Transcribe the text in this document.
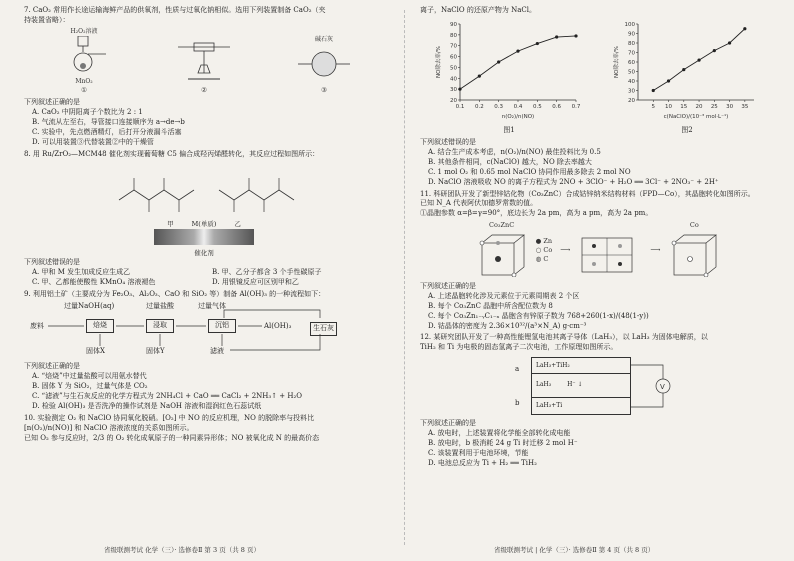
7. CaO₂ 常用作长途运输海鲜产品的供氧剂，性质与过氧化钠相似。选用下列装置制备 CaO₂（夹
持装置省略）：
H₂O₂溶液
MnO₂
①	②
碱石灰
③
下列叙述正确的是
A. CaO₂ 中阴阳离子个数比为 2 : 1
B. 气流从左至右，导管接口连接顺序为 a→de→b
C. 实验中，先点燃酒精灯，后打开分液漏斗活塞
D. 可以用装置③代替装置②中的干燥管
8. 用 Ru/ZrO₂—MCM48 催化剂实现葡萄糖 C5 偏合成羟丙烯醛转化，其反应过程如图所示：
甲	M(单质)	乙
催化剂
下列叙述错误的是
A. 甲和 M 发生加成反应生成乙	B. 甲、乙分子都含 3 个手性碳原子
C. 甲、乙都能使酸性 KMnO₄ 溶液褪色	D. 用银镜反应可区别甲和乙
9. 利用铝土矿（主要成分为 Fe₂O₃、Al₂O₃、CaO 和 SiO₂ 等）制备 Al(OH)₃ 的一种流程如下：
过量NaOH(aq)	过量盐酸	过量气体
废料	焙烧	浸取	沉铝	Al(OH)₃	生石灰
固体X	固体Y	滤液
下列叙述正确的是
A. “焙烧”中过量盐酸可以用氨水替代
B. 固体 Y 为 SiO₂，过量气体是 CO₂
C. “滤液”与生石灰反应的化学方程式为 2NH₄Cl + CaO ══ CaCl₂ + 2NH₃↑ + H₂O
D. 检验 Al(OH)₃ 是否洗净的操作试剂是 NaOH 溶液和湿润红色石蕊试纸
10. 实验测定 O₂ 和 NaClO 协同氧化脱硝。[O₂] 中 NO 的反应机理，NO 的脱除率与投料比
[n(O₂)/n(NO)] 和 NaClO 溶液浓度的关系如图所示。
已知 O₂ 参与反应时，2/3 的 O₂ 转化成氧原子的一种同素异形体；NO 被氧化成 N 的最高价态
离子，NaClO 的还原产物为 NaCl。
20
30
40
50
60
70
80
90
0.1 0.2 0.3 0.4 0.5 0.6 0.7
n(O₂)/n(NO)
NO除去率/%
图1
20
30
40
50
60
70
80
90
100
5 10 15 20 25 30 35
c(NaClO)/(10⁻³ mol·L⁻¹)
NO除去率/%
图2
下列叙述错误的是
A. 结合生产成本考虑，n(O₂)/n(NO) 最佳投料比为 0.5
B. 其他条件相同，c(NaClO) 越大，NO 除去率越大
C. 1 mol O₂ 和 0.65 mol NaClO 协同作用最多除去 2 mol NO
D. NaClO 溶液吸收 NO 的离子方程式为 2NO + 3ClO⁻ + H₂O ══ 3Cl⁻ + 2NO₃⁻ + 2H⁺
11. 科研团队开发了新型锌钴化物（Co₃ZnC）合成钴锌纳米结构材料（FPD—Co），其晶胞转化如图所示。
已知 N_A 代表阿伏加德罗常数的值。
①晶胞参数 α=β=γ=90°，底边长为 2a pm，高为 a pm，高为 2a pm。
Co₃ZnC
● Zn
○ Co
◍ C
⟶	⟶
Co
下列叙述正确的是
A. 上述晶胞转化涉及元素位于元素周期表 2 个区
B. 每个 Co₃ZnC 晶胞中所含配位数为 8
C. 每个 Co₃Zn₁₋ᵧC₁₋ₓ 晶胞含有锌原子数为 768+260(1-x)/(48(1-y))
D. 钴晶体的密度为 2.36×10³²/(a³×N_A) g·cm⁻³
12. 某研究团队开发了一种高性能锂氢电池其离子导体（LaH₃），以 LaH₃ 为固体电解质，以
TiH₂ 和 Ti 为电极的固态氢离子二次电池，工作原理如图所示。
a
b
LaH₃+TiH₂
LaH₃	H⁻ ↓
LaH₃+Ti
V
下列叙述正确的是
A. 放电时，上述装置将化学能全部转化成电能
B. 放电时，b 极消耗 24 g Ti 时迁移 2 mol H⁻
C. 该装置利用于电池环境，节能
D. 电池总反应为 Ti + H₂ ══ TiH₂
省级联测考试 化学（三）· 选修卷Ⅱ 第 3 页（共 8 页）	省级联测考试 | 化学（三）· 选修卷Ⅱ 第 4 页（共 8 页）
